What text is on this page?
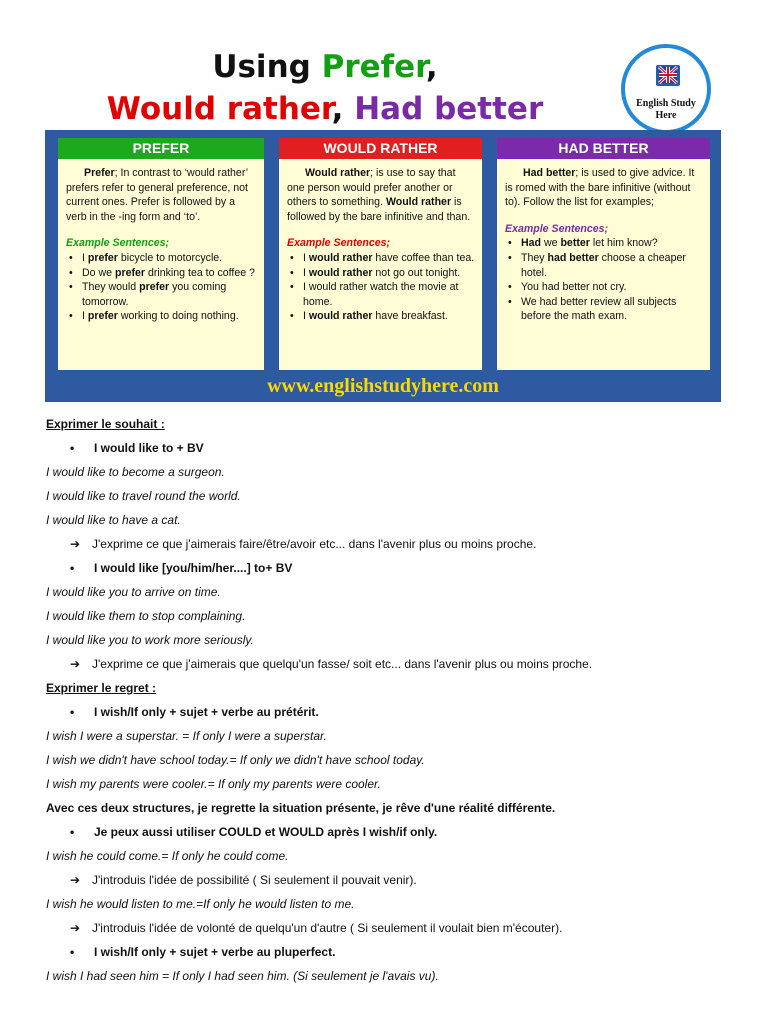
Using Prefer,
Would rather, Had better	English Study
Here
PREFER
Prefer; In contrast to ‘would rather’ prefers refer to general preference, not current ones. Prefer is followed by a verb in the -ing form and ‘to’.
Example Sentences;
• I prefer bicycle to motorcycle.
• Do we prefer drinking tea to coffee ?
• They would prefer you coming tomorrow.
• I prefer working to doing nothing.
WOULD RATHER
Would rather; is use to say that one person would prefer another or others to something. Would rather is followed by the bare infinitive and than.
Example Sentences;
• I would rather have coffee than tea.
• I would rather not go out tonight.
• I would rather watch the movie at home.
• I would rather have breakfast.
HAD BETTER
Had better; is used to give advice. It is romed with the bare infinitive (without to). Follow the list for examples;
Example Sentences;
• Had we better let him know?
• They had better choose a cheaper hotel.
• You had better not cry.
• We had better review all subjects before the math exam.
www.englishstudyhere.com
Exprimer le souhait :
• I would like to + BV
I would like to become a surgeon.
I would like to travel round the world.
I would like to have a cat.
➔ J'exprime ce que j'aimerais faire/être/avoir etc... dans l'avenir plus ou moins proche.
• I would like [you/him/her....] to+ BV
I would like you to arrive on time.
I would like them to stop complaining.
I would like you to work more seriously.
➔ J'exprime ce que j'aimerais que quelqu'un fasse/ soit etc... dans l'avenir plus ou moins proche.
Exprimer le regret :
• I wish/If only + sujet + verbe au prétérit.
I wish I were a superstar. = If only I were a superstar.
I wish we didn't have school today.= If only we didn't have school today.
I wish my parents were cooler.= If only my parents were cooler.
Avec ces deux structures, je regrette la situation présente, je rêve d'une réalité différente.
• Je peux aussi utiliser COULD et WOULD après I wish/if only.
I wish he could come.= If only he could come.
➔ J'introduis l'idée de possibilité ( Si seulement il pouvait venir).
I wish he would listen to me.=If only he would listen to me.
➔ J'introduis l'idée de volonté de quelqu'un d'autre ( Si seulement il voulait bien m'écouter).
• I wish/If only + sujet + verbe au pluperfect.
I wish I had seen him = If only I had seen him. (Si seulement je l'avais vu).
